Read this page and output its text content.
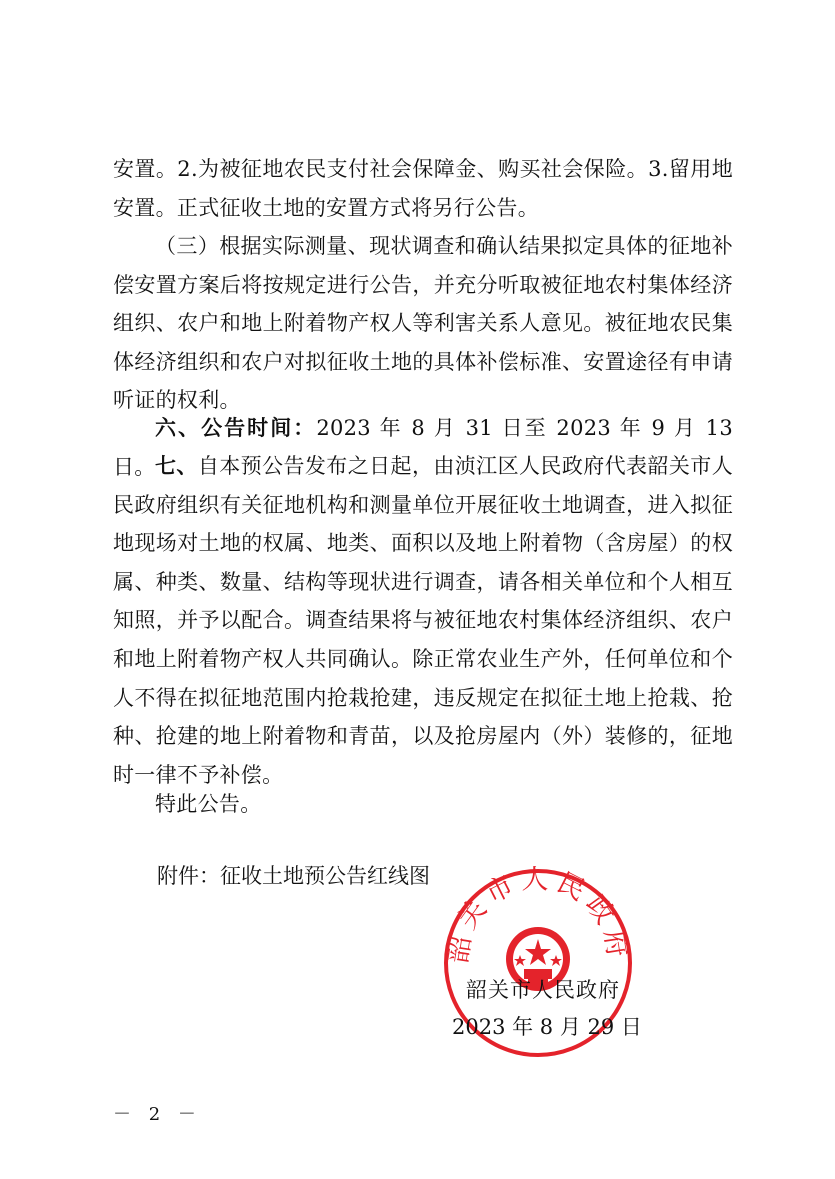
安置。2.为被征地农民支付社会保障金、购买社会保险。3.留用地安置。正式征收土地的安置方式将另行公告。

（三）根据实际测量、现状调查和确认结果拟定具体的征地补偿安置方案后将按规定进行公告，并充分听取被征地农村集体经济组织、农户和地上附着物产权人等利害关系人意见。被征地农民集体经济组织和农户对拟征收土地的具体补偿标准、安置途径有申请听证的权利。

六、公告时间：2023 年 8 月 31 日至 2023 年 9 月 13 日。 七、自本预公告发布之日起，由浈江区人民政府代表韶关市人民政府组织有关征地机构和测量单位开展征收土地调查，进入拟征地现场对土地的权属、地类、面积以及地上附着物（含房屋）的权属、种类、数量、结构等现状进行调查，请各相关单位和个人相互知照，并予以配合。调查结果将与被征地农村集体经济组织、农户和地上附着物产权人共同确认。除正常农业生产外，任何单位和个人不得在拟征地范围内抢栽抢建，违反规定在拟征土地上抢栽、抢种、抢建的地上附着物和青苗，以及抢房屋内（外）装修的，征地时一律不予补偿。

特此公告。

附件：征收土地预公告红线图
韶关市人民政府
韶关市人民政府
2023 年 8 月 29 日
－ 2 －
